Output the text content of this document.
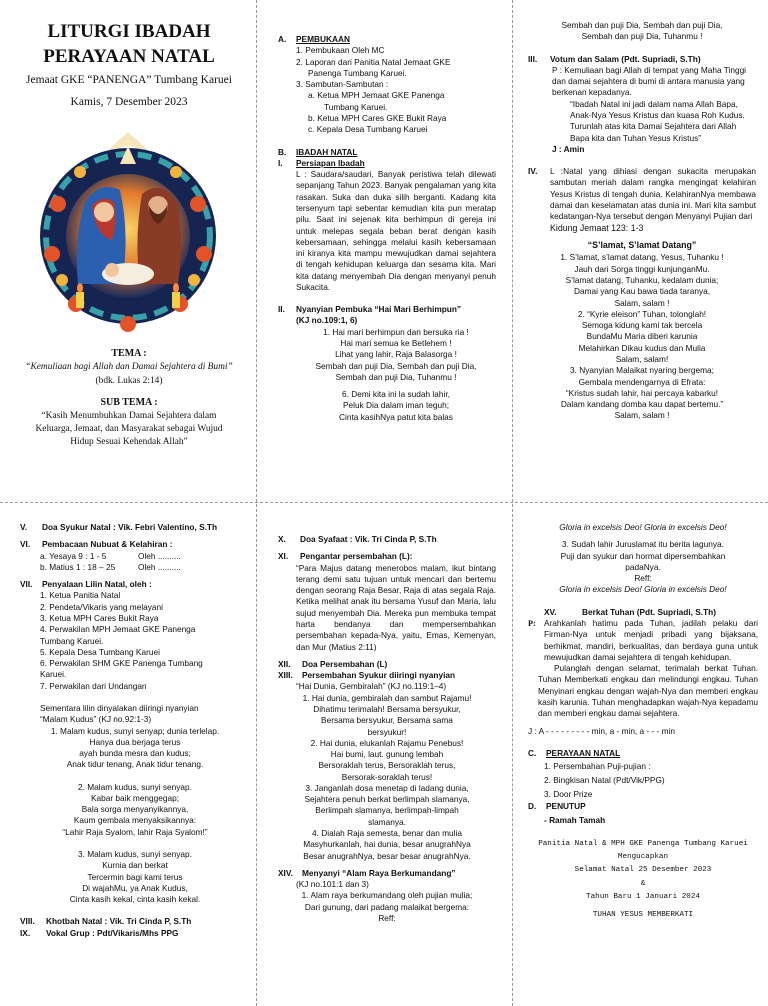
LITURGI IBADAH
PERAYAAN NATAL
Jemaat GKE “PANENGA” Tumbang Karuei
Kamis, 7 Desember 2023
TEMA :
“Kemuliaan bagi Allah dan Damai Sejahtera di Bumi”
(bdk. Lukas 2:14)
SUB TEMA :
“Kasih Menumbuhkan Damai Sejahtera dalam
Keluarga, Jemaat, dan Masyarakat sebagai Wujud
Hidup Sesuai Kehendak Allah”
A.	PEMBUKAAN
1. Pembukaan Oleh MC
2. Laporan dari Panitia Natal Jemaat GKE
Panenga Tumbang Karuei.
3. Sambutan-Sambutan :
a. Ketua MPH Jemaat GKE Panenga
Tumbang Karuei.
b. Ketua MPH Cares GKE Bukit Raya
c. Kepala Desa Tumbang Karuei
B.	IBADAH NATAL
I.	Persiapan Ibadah
L : Saudara/saudari, Banyak peristiwa telah dilewati sepanjang Tahun 2023. Banyak pengalaman yang kita rasakan. Suka dan duka silih berganti. Kadang kita tersenyum tapi sebentar kemudian kita pun meratap pilu. Saat ini sejenak kita berhimpun di gereja ini untuk melepas segala beban berat dengan kasih kebersamaan, sehingga melalui kasih kebersamaan ini kiranya kita mampu mewujudkan damai sejahtera di tengah kehidupan keluarga dan sesama kita. Mari kita datang menyembah Dia dengan menyanyi penuh Sukacita.
II.	Nyanyian Pembuka “Hai Mari Berhimpun”
(KJ no.109:1, 6)
1. Hai mari berhimpun dan bersuka ria !
Hai mari semua ke Betlehem !
Lihat yang lahir, Raja Balasorga !
Sembah dan puji Dia, Sembah dan puji Dia,
Sembah dan puji Dia, Tuhanmu !
6. Demi kita ini la sudah lahir,
Peluk Dia dalam iman teguh;
Cinta kasihNya patut kita balas
Sembah dan puji Dia, Sembah dan puji Dia,
Sembah dan puji Dia, Tuhanmu !
III.	Votum dan Salam (Pdt. Supriadi, S.Th)
P : Kemuliaan bagi Allah di tempat yang Maha Tinggi dan damai sejahtera di bumi di antara manusia yang berkenan kepadanya.
“Ibadah Natal ini jadi dalam nama Allah Bapa, Anak-Nya Yesus Kristus dan kuasa Roh Kudus. Turunlah atas kita Damai Sejahtera dari Allah Bapa kita dan Tuhan Yesus Kristus”
J : Amin
IV.	L :Natal yang dihiasi dengan sukacita merupakan sambutan meriah dalam rangka mengingat kelahiran Yesus Kristus di tengah dunia. KelahiranNya membawa damai dan keselamatan atas dunia ini. Mari kita sambut kedatangan-Nya tersebut dengan Menyanyi Pujian dari
Kidung Jemaat 123: 1-3
“S’lamat, S’lamat Datang”
1. S’lamat, s’lamat datang, Yesus, Tuhanku !
Jauh dari Sorga tinggi kunjunganMu.
S’lamat datang, Tuhanku, kedalam dunia;
Damai yang Kau bawa tiada taranya,
Salam, salam !
2. “Kyrie eleison” Tuhan, tolonglah!
Semoga kidung kami tak bercela
BundaMu Maria diberi karunia
Melahirkan Dikau kudus dan Mulia
Salam, salam!
3. Nyanyian Malaikat nyaring bergema;
Gembala mendengarnya di Efrata:
“Kristus sudah lahir, hai percaya kabarku!
Dalam kandang domba kau dapat bertemu.”
Salam, salam !
V.	Doa Syukur Natal : Vik. Febri Valentino, S.Th
VI.	Pembacaan Nubuat & Kelahiran :
a. Yesaya 9 : 1 - 5	Oleh ..........
b. Matius 1 : 18 – 25	Oleh ..........
VII.	Penyalaan Lilin Natal, oleh :
1. Ketua Panitia Natal
2. Pendeta/Vikaris yang melayani
3. Ketua MPH Cares Bukit Raya
4. Perwakilan MPH Jemaat GKE Panenga
Tumbang Karuei.
5. Kepala Desa Tumbang Karuei
6. Perwakilan SHM GKE Panenga Tumbang
Karuei.
7. Perwakilan dari Undangan
Sementara lilin dinyalakan diiringi nyanyian
“Malam Kudus” (KJ no.92:1-3)
1. Malam kudus, sunyi senyap; dunia terlelap.
Hanya dua berjaga terus
ayah bunda mesra dan kudus;
Anak tidur tenang, Anak tidur tenang.
2. Malam kudus, sunyi senyap.
Kabar baik menggegap;
Bala sorga menyanyikannya,
Kaum gembala menyaksikannya:
“Lahir Raja Syalom, lahir Raja Syalom!”
3. Malam kudus, sunyi senyap.
Kurnia dan berkat
Tercermin bagi kami terus
Di wajahMu, ya Anak Kudus,
Cinta kasih kekal, cinta kasih kekal.
VIII.	Khotbah Natal : Vik. Tri Cinda P, S.Th
IX.	Vokal Grup : Pdt/Vikaris/Mhs PPG
X.	Doa Syafaat : Vik. Tri Cinda P, S.Th
XI.	Pengantar persembahan (L):
“Para Majus datang menerobos malam, ikut bintang terang demi satu tujuan untuk mencari dan bertemu dengan seorang Raja Besar, Raja di atas segala Raja. Ketika melihat anak itu bersama Yusuf dan Maria, lalu sujud menyembah Dia. Mereka pun membuka tempat harta bendanya dan mempersembahkan persembahan kepada-Nya, yaitu, Emas, Kemenyan, dan Mur (Matius 2:11)
XII.	Doa Persembahan (L)
XIII.	Persembahan Syukur diiringi nyanyian
“Hai Dunia, Gembiralah” (KJ no.119:1–4)
1. Hai dunia, gembiralah dan sambut Rajamu!
Dihatimu terimalah! Bersama bersyukur,
Bersama bersyukur, Bersama sama
bersyukur!
2. Hai dunia, elukanlah Rajamu Penebus!
Hai bumi, laut. gunung lembah
Bersoraklah terus, Bersoraklah terus,
Bersorak-soraklah terus!
3. Janganlah dosa menetap di ladang dunia,
Sejahtera penuh berkat berlimpah slamanya,
Berlimpah slamanya, berlimpah-limpah
slamanya.
4. Dialah Raja semesta, benar dan mulia
Masyhurkanlah, hai dunia, besar anugrahNya
Besar anugrahNya, besar besar anugrahNya.
XIV.	Menyanyi “Alam Raya Berkumandang”
(KJ no.101:1 dan 3)
1. Alam raya berkumandang oleh pujian mulia;
Dari gunung, dari padang malaikat bergema:
Reff:
Gloria in excelsis Deo! Gloria in excelsis Deo!
3. Sudah lahir Juruslamat itu berita lagunya.
Puji dan syukur dan hormat dipersembahkan
padaNya.
Reff:
Gloria in excelsis Deo! Gloria in excelsis Deo!
XV.	Berkat Tuhan (Pdt. Supriadi, S.Th)
P: Arahkanlah hatimu pada Tuhan, jadilah pelaku dari Firman-Nya untuk menjadi pribadi yang bijaksana, berhikmat, mandiri, berkualitas, dan berdaya guna untuk mewujudkan damai sejahtera di tengah kehidupan.
Pulanglah dengan selamat, terimalah berkat Tuhan. Tuhan Memberkati engkau dan melindungi engkau. Tuhan Menyinari engkau dengan wajah-Nya dan memberi engkau kasih karunia. Tuhan menghadapkan wajah-Nya kepadamu dan memberi engkau damai sejahtera.
J : A - - - - - - - - - min, a - min, a - - - min
C.	PERAYAAN NATAL
1. Persembahan Puji-pujian :
2. Bingkisan Natal (Pdt/Vik/PPG)
3. Door Prize
D.	PENUTUP
- Ramah Tamah
Panitia Natal & MPH GKE Panenga Tumbang Karuei
Mengucapkan
Selamat Natal 25 Desember 2023
&
Tahun Baru 1 Januari 2024
TUHAN YESUS MEMBERKATI
